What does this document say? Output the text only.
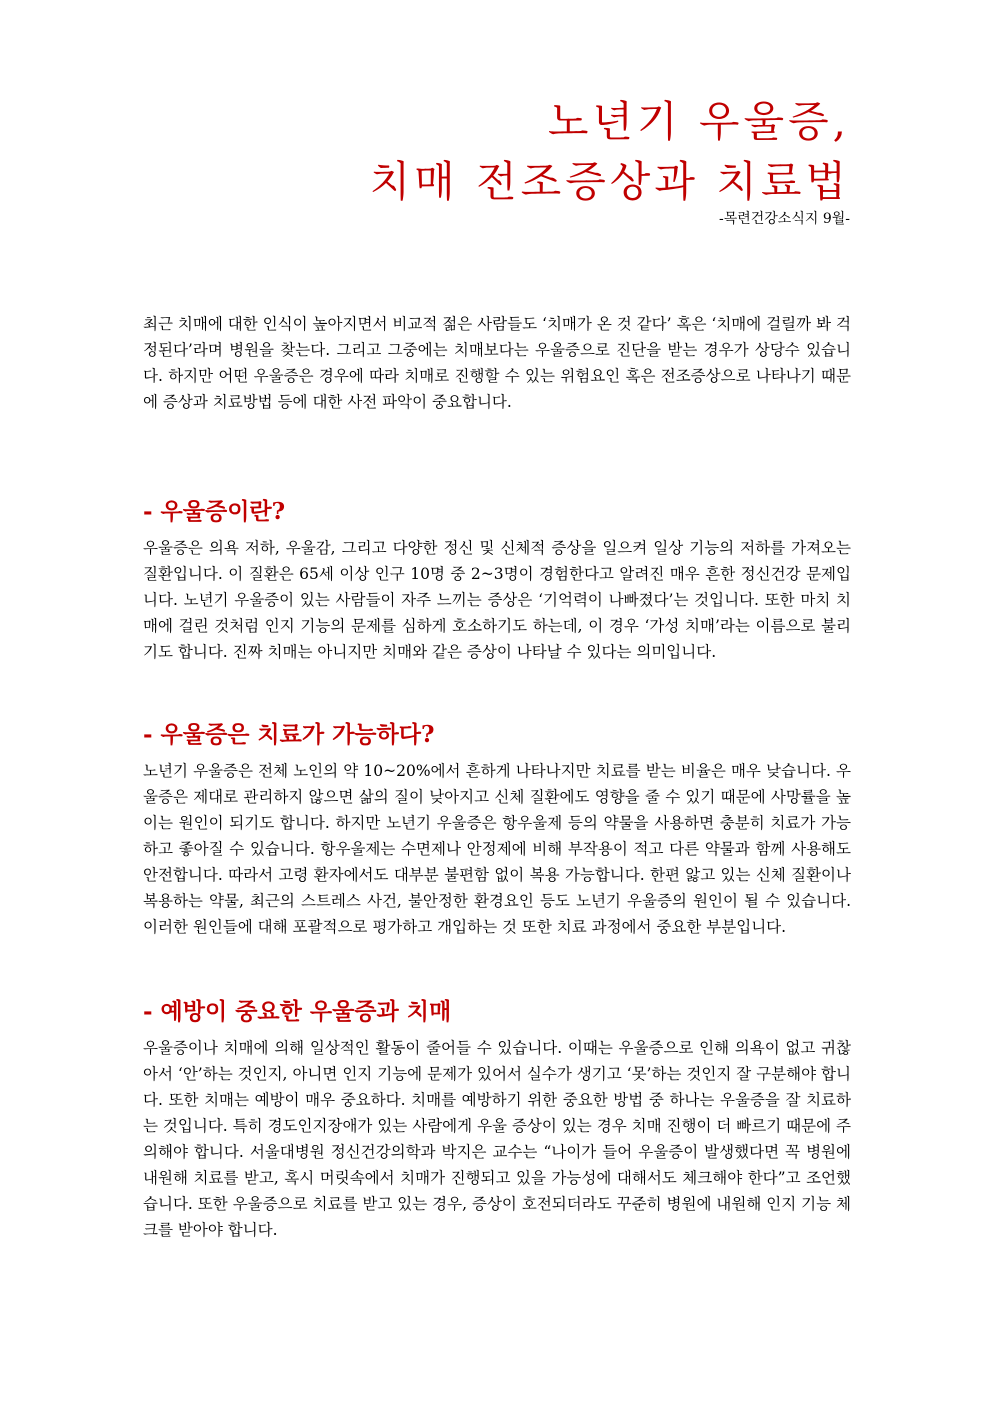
노년기 우울증,
치매 전조증상과 치료법
-목련건강소식지 9월-

최근 치매에 대한 인식이 높아지면서 비교적 젊은 사람들도 ‘치매가 온 것 같다’ 혹은 ‘치매에 걸릴까 봐 걱정된다’라며 병원을 찾는다. 그리고 그중에는 치매보다는 우울증으로 진단을 받는 경우가 상당수 있습니다. 하지만 어떤 우울증은 경우에 따라 치매로 진행할 수 있는 위험요인 혹은 전조증상으로 나타나기 때문에 증상과 치료방법 등에 대한 사전 파악이 중요합니다.

- 우울증이란?

우울증은 의욕 저하, 우울감, 그리고 다양한 정신 및 신체적 증상을 일으켜 일상 기능의 저하를 가져오는 질환입니다. 이 질환은 65세 이상 인구 10명 중 2~3명이 경험한다고 알려진 매우 흔한 정신건강 문제입니다. 노년기 우울증이 있는 사람들이 자주 느끼는 증상은 ‘기억력이 나빠졌다’는 것입니다. 또한 마치 치매에 걸린 것처럼 인지 기능의 문제를 심하게 호소하기도 하는데, 이 경우 ‘가성 치매’라는 이름으로 불리기도 합니다. 진짜 치매는 아니지만 치매와 같은 증상이 나타날 수 있다는 의미입니다.

- 우울증은 치료가 가능하다?

노년기 우울증은 전체 노인의 약 10~20%에서 흔하게 나타나지만 치료를 받는 비율은 매우 낮습니다. 우울증은 제대로 관리하지 않으면 삶의 질이 낮아지고 신체 질환에도 영향을 줄 수 있기 때문에 사망률을 높이는 원인이 되기도 합니다. 하지만 노년기 우울증은 항우울제 등의 약물을 사용하면 충분히 치료가 가능하고 좋아질 수 있습니다. 항우울제는 수면제나 안정제에 비해 부작용이 적고 다른 약물과 함께 사용해도 안전합니다. 따라서 고령 환자에서도 대부분 불편함 없이 복용 가능합니다. 한편 앓고 있는 신체 질환이나 복용하는 약물, 최근의 스트레스 사건, 불안정한 환경요인 등도 노년기 우울증의 원인이 될 수 있습니다. 이러한 원인들에 대해 포괄적으로 평가하고 개입하는 것 또한 치료 과정에서 중요한 부분입니다.

- 예방이 중요한 우울증과 치매

우울증이나 치매에 의해 일상적인 활동이 줄어들 수 있습니다. 이때는 우울증으로 인해 의욕이 없고 귀찮아서 ‘안’하는 것인지, 아니면 인지 기능에 문제가 있어서 실수가 생기고 ‘못’하는 것인지 잘 구분해야 합니다. 또한 치매는 예방이 매우 중요하다. 치매를 예방하기 위한 중요한 방법 중 하나는 우울증을 잘 치료하는 것입니다. 특히 경도인지장애가 있는 사람에게 우울 증상이 있는 경우 치매 진행이 더 빠르기 때문에 주의해야 합니다. 서울대병원 정신건강의학과 박지은 교수는 “나이가 들어 우울증이 발생했다면 꼭 병원에 내원해 치료를 받고, 혹시 머릿속에서 치매가 진행되고 있을 가능성에 대해서도 체크해야 한다”고 조언했습니다. 또한 우울증으로 치료를 받고 있는 경우, 증상이 호전되더라도 꾸준히 병원에 내원해 인지 기능 체크를 받아야 합니다.
